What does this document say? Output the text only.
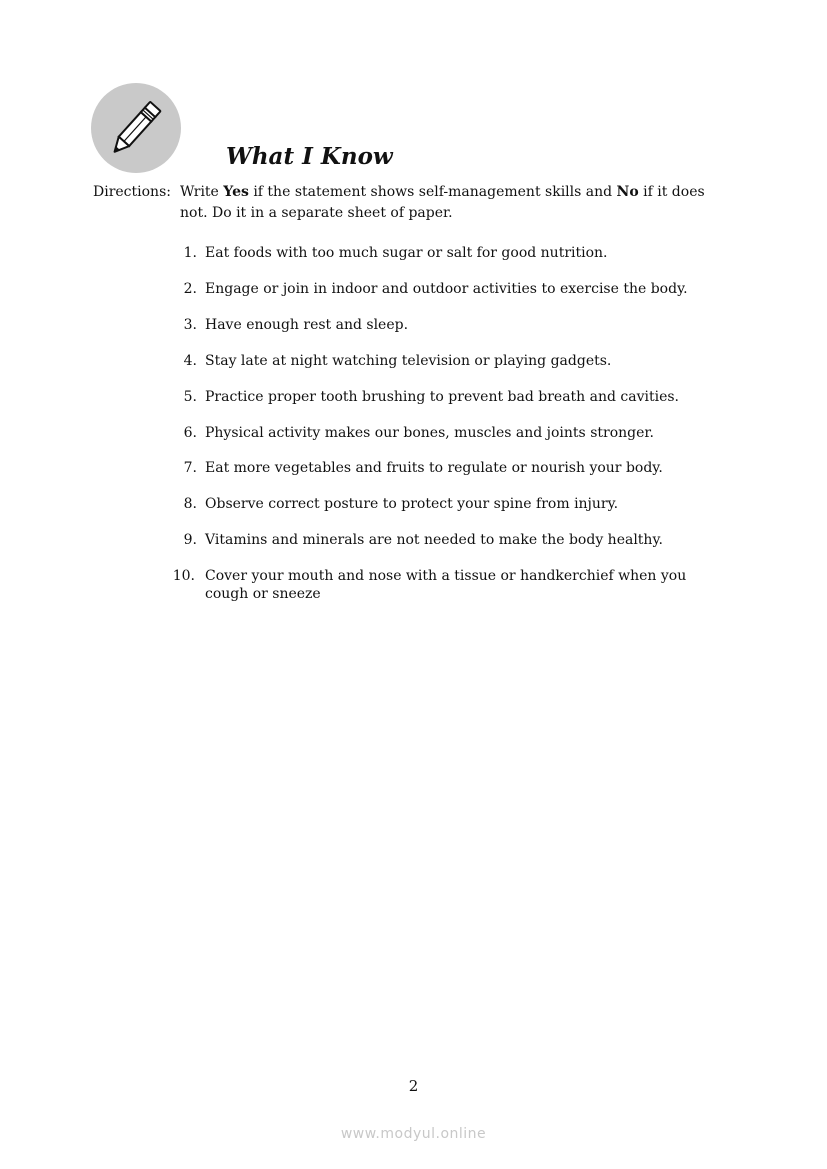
What I Know
Directions: Write Yes if the statement shows self-management skills and No if it does not. Do it in a separate sheet of paper.
1. Eat foods with too much sugar or salt for good nutrition.
2. Engage or join in indoor and outdoor activities to exercise the body.
3. Have enough rest and sleep.
4. Stay late at night watching television or playing gadgets.
5. Practice proper tooth brushing to prevent bad breath and cavities.
6. Physical activity makes our bones, muscles and joints stronger.
7. Eat more vegetables and fruits to regulate or nourish your body.
8. Observe correct posture to protect your spine from injury.
9. Vitamins and minerals are not needed to make the body healthy.
10. Cover your mouth and nose with a tissue or handkerchief when you cough or sneeze
2
www.modyul.online
